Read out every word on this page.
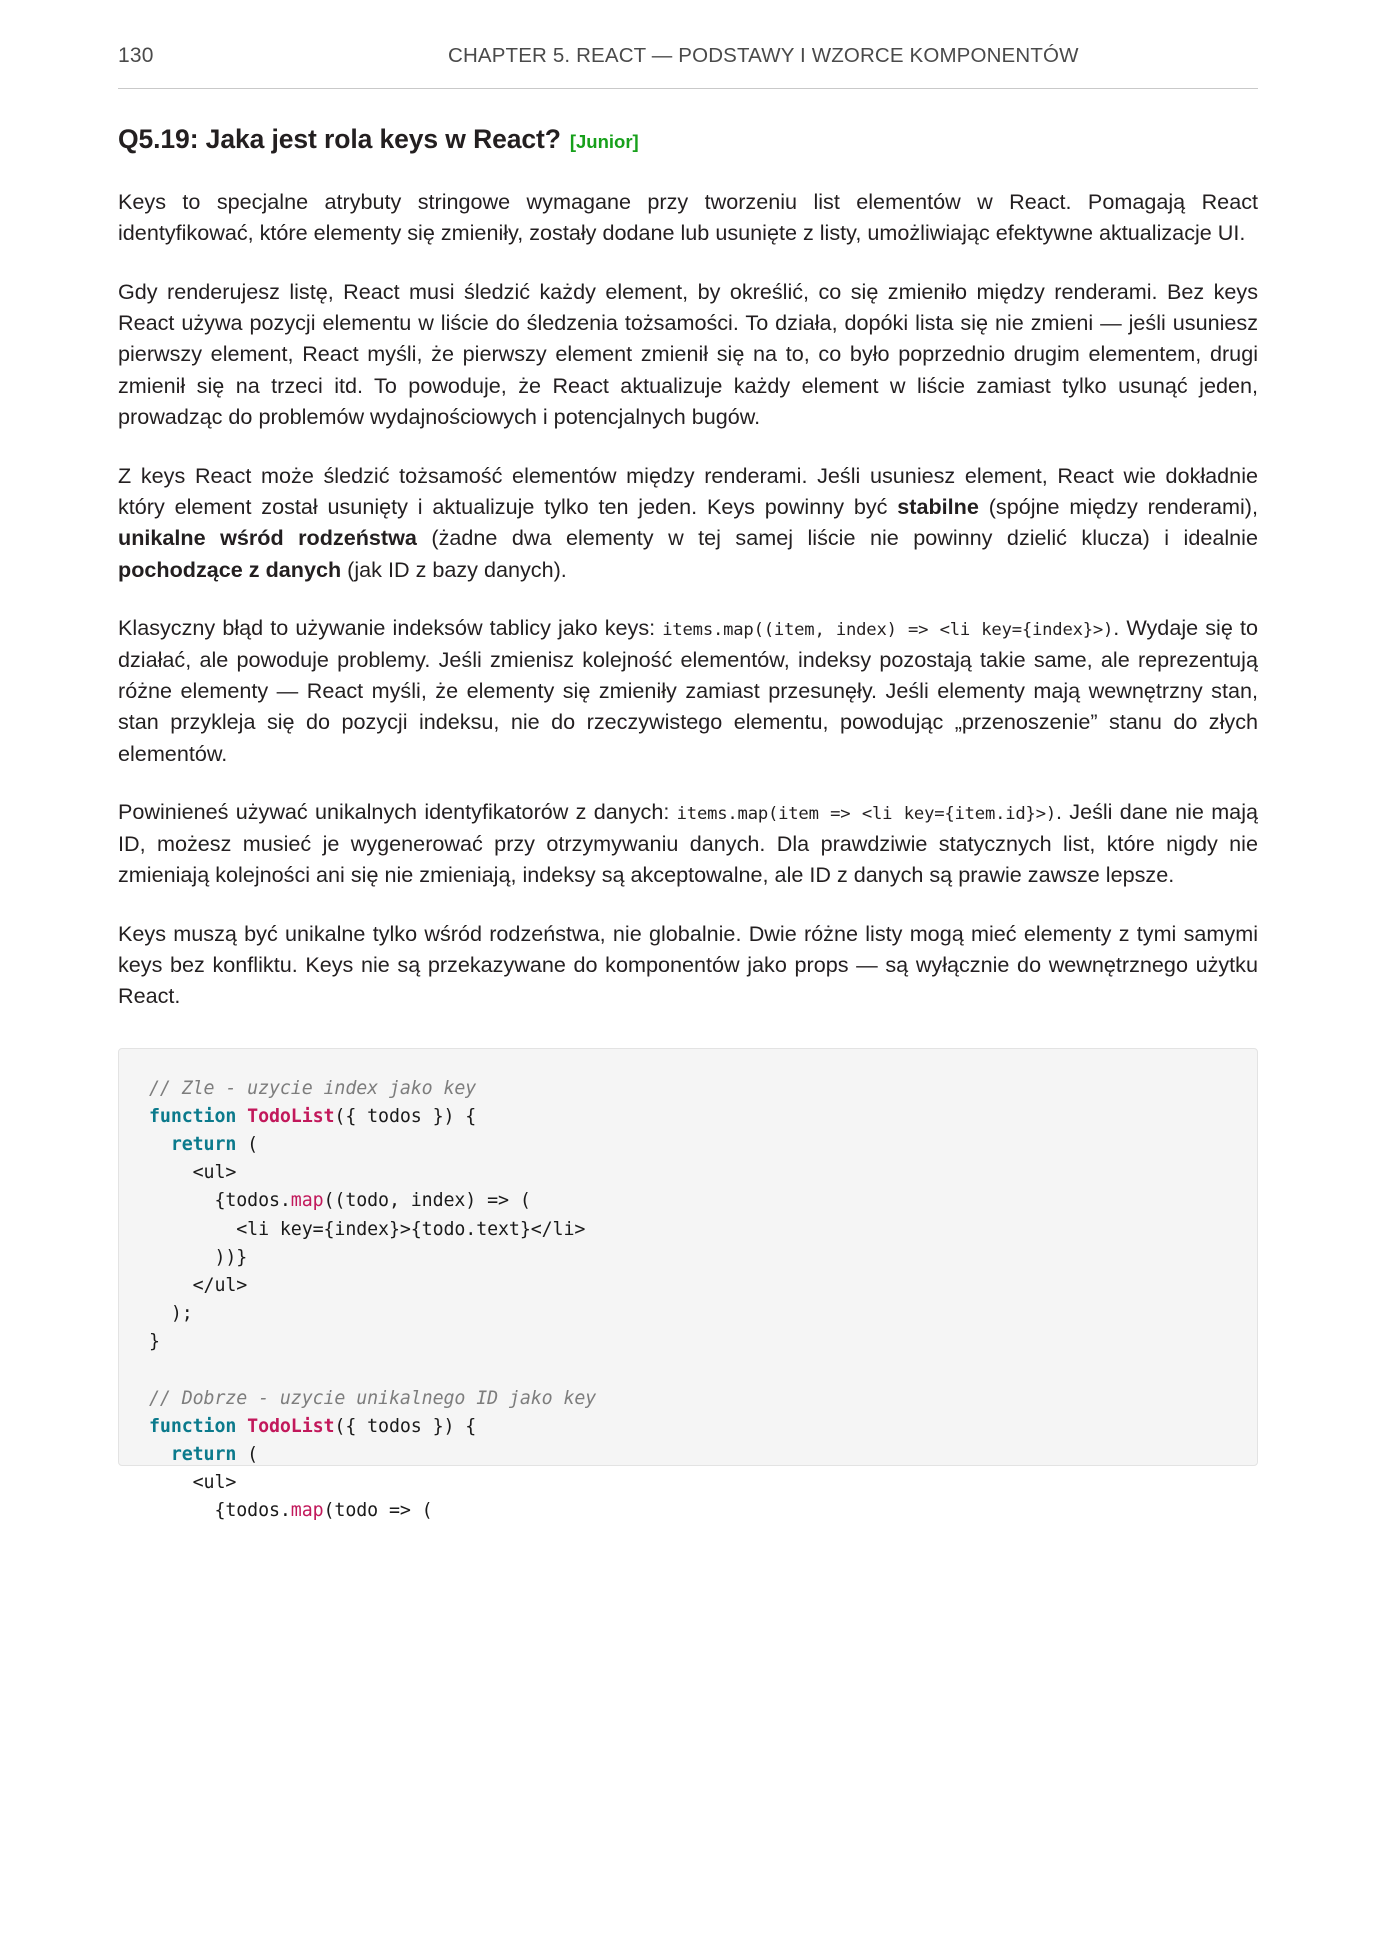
130	CHAPTER 5. REACT — PODSTAWY I WZORCE KOMPONENTÓW
Q5.19: Jaka jest rola keys w React? [Junior]

Keys to specjalne atrybuty stringowe wymagane przy tworzeniu list elementów w React. Pomagają React identyfikować, które elementy się zmieniły, zostały dodane lub usunięte z listy, umożliwiając efektywne aktualizacje UI.

Gdy renderujesz listę, React musi śledzić każdy element, by określić, co się zmieniło między renderami. Bez keys React używa pozycji elementu w liście do śledzenia tożsamości. To działa, dopóki lista się nie zmieni — jeśli usuniesz pierwszy element, React myśli, że pierwszy element zmienił się na to, co było poprzednio drugim elementem, drugi zmienił się na trzeci itd. To powoduje, że React aktualizuje każdy element w liście zamiast tylko usunąć jeden, prowadząc do problemów wydajnościowych i potencjalnych bugów.

Z keys React może śledzić tożsamość elementów między renderami. Jeśli usuniesz element, React wie dokładnie który element został usunięty i aktualizuje tylko ten jeden. Keys powinny być stabilne (spójne między renderami), unikalne wśród rodzeństwa (żadne dwa elementy w tej samej liście nie powinny dzielić klucza) i idealnie pochodzące z danych (jak ID z bazy danych).

Klasyczny błąd to używanie indeksów tablicy jako keys: items.map((item, index) => <li key={index}>). Wydaje się to działać, ale powoduje problemy. Jeśli zmienisz kolejność elementów, indeksy pozostają takie same, ale reprezentują różne elementy — React myśli, że elementy się zmieniły zamiast przesunęły. Jeśli elementy mają wewnętrzny stan, stan przykleja się do pozycji indeksu, nie do rzeczywistego elementu, powodując „przenoszenie” stanu do złych elementów.

Powinieneś używać unikalnych identyfikatorów z danych: items.map(item => <li key={item.id}>). Jeśli dane nie mają ID, możesz musieć je wygenerować przy otrzymywaniu danych. Dla prawdziwie statycznych list, które nigdy nie zmieniają kolejności ani się nie zmieniają, indeksy są akceptowalne, ale ID z danych są prawie zawsze lepsze.

Keys muszą być unikalne tylko wśród rodzeństwa, nie globalnie. Dwie różne listy mogą mieć elementy z tymi samymi keys bez konfliktu. Keys nie są przekazywane do komponentów jako props — są wyłącznie do wewnętrznego użytku React.

// Zle - uzycie index jako key
function TodoList({ todos }) {
return (
<ul>
{todos.map((todo, index) => (
<li key={index}>{todo.text}</li>
))}
</ul>
);
}

// Dobrze - uzycie unikalnego ID jako key
function TodoList({ todos }) {
return (
<ul>
{todos.map(todo => (
